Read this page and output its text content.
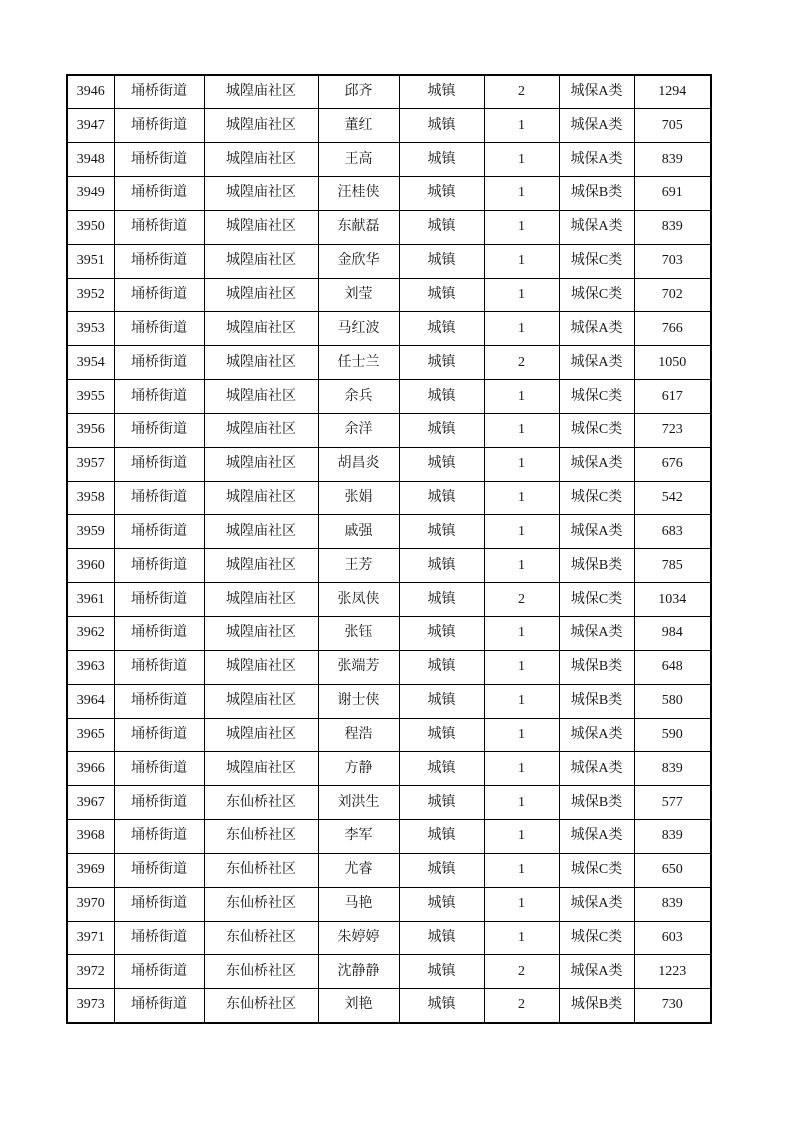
3946	埇桥街道	城隍庙社区	邱齐	城镇	2	城保A类	1294
3947	埇桥街道	城隍庙社区	董红	城镇	1	城保A类	705
3948	埇桥街道	城隍庙社区	王高	城镇	1	城保A类	839
3949	埇桥街道	城隍庙社区	汪桂侠	城镇	1	城保B类	691
3950	埇桥街道	城隍庙社区	东献磊	城镇	1	城保A类	839
3951	埇桥街道	城隍庙社区	金欣华	城镇	1	城保C类	703
3952	埇桥街道	城隍庙社区	刘莹	城镇	1	城保C类	702
3953	埇桥街道	城隍庙社区	马红波	城镇	1	城保A类	766
3954	埇桥街道	城隍庙社区	任士兰	城镇	2	城保A类	1050
3955	埇桥街道	城隍庙社区	余兵	城镇	1	城保C类	617
3956	埇桥街道	城隍庙社区	余洋	城镇	1	城保C类	723
3957	埇桥街道	城隍庙社区	胡昌炎	城镇	1	城保A类	676
3958	埇桥街道	城隍庙社区	张娟	城镇	1	城保C类	542
3959	埇桥街道	城隍庙社区	戚强	城镇	1	城保A类	683
3960	埇桥街道	城隍庙社区	王芳	城镇	1	城保B类	785
3961	埇桥街道	城隍庙社区	张凤侠	城镇	2	城保C类	1034
3962	埇桥街道	城隍庙社区	张钰	城镇	1	城保A类	984
3963	埇桥街道	城隍庙社区	张端芳	城镇	1	城保B类	648
3964	埇桥街道	城隍庙社区	谢士侠	城镇	1	城保B类	580
3965	埇桥街道	城隍庙社区	程浩	城镇	1	城保A类	590
3966	埇桥街道	城隍庙社区	方静	城镇	1	城保A类	839
3967	埇桥街道	东仙桥社区	刘洪生	城镇	1	城保B类	577
3968	埇桥街道	东仙桥社区	李军	城镇	1	城保A类	839
3969	埇桥街道	东仙桥社区	尤睿	城镇	1	城保C类	650
3970	埇桥街道	东仙桥社区	马艳	城镇	1	城保A类	839
3971	埇桥街道	东仙桥社区	朱婷婷	城镇	1	城保C类	603
3972	埇桥街道	东仙桥社区	沈静静	城镇	2	城保A类	1223
3973	埇桥街道	东仙桥社区	刘艳	城镇	2	城保B类	730
